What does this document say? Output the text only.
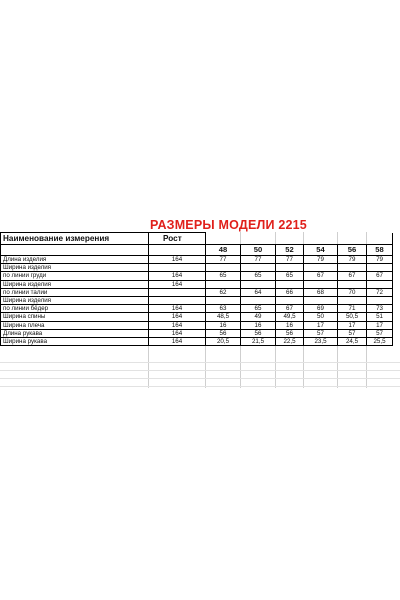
РАЗМЕРЫ МОДЕЛИ 2215
Наименование измерения	Рост						
		48	50	52	54	56	58
Длина изделия	164	77	77	77	79	79	79
Ширина изделия							
по линии груди	164	65	65	65	67	67	67
Ширина изделия	164						
по линии талии		62	64	66	68	70	72
Ширина изделия							
по линии бёдер	164	63	65	67	69	71	73
Ширина спины	164	48,5	49	49,5	50	50,5	51
Ширина плеча	164	16	16	16	17	17	17
Длина рукава	164	56	56	56	57	57	57
Ширина рукава	164	20,5	21,5	22,5	23,5	24,5	25,5
